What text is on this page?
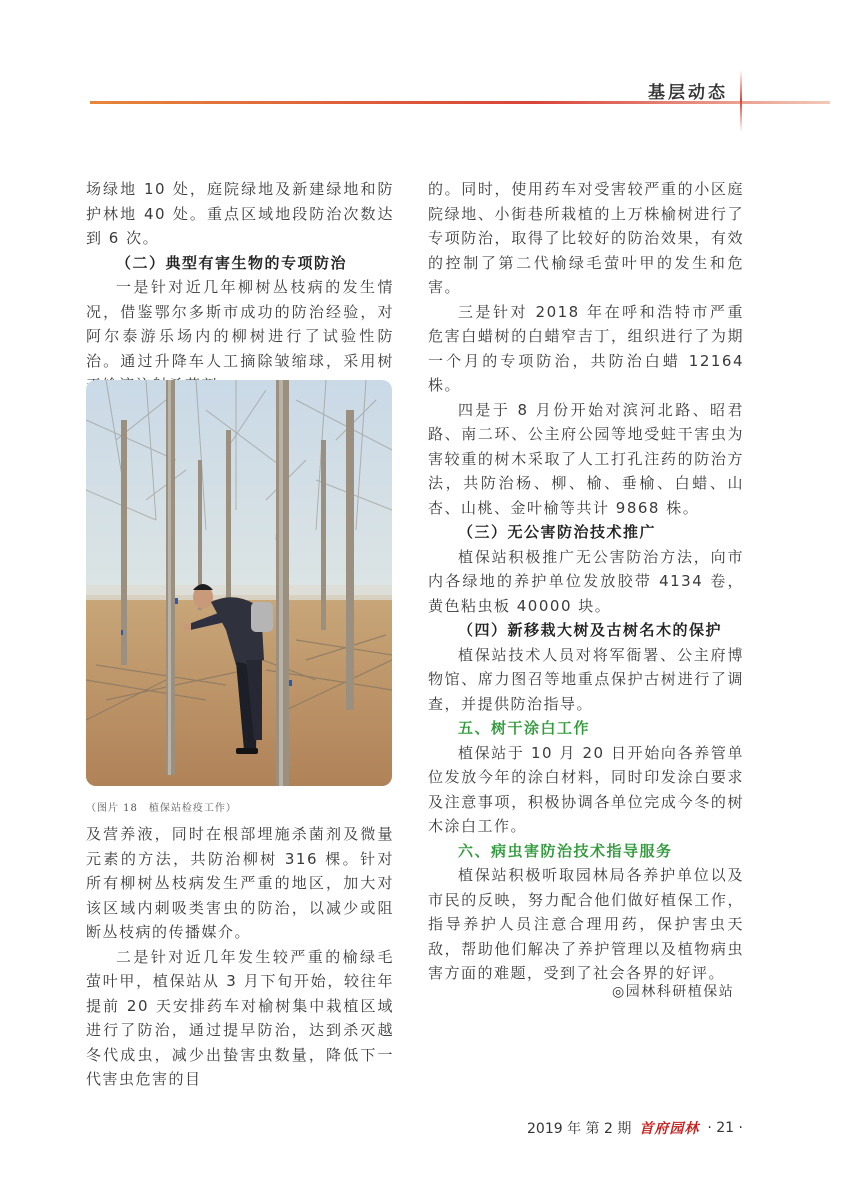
基层动态

场绿地 10 处，庭院绿地及新建绿地和防护林地 40 处。重点区域地段防治次数达到 6 次。

（二）典型有害生物的专项防治

一是针对近几年柳树丛枝病的发生情况，借鉴鄂尔多斯市成功的防治经验，对阿尔泰游乐场内的柳树进行了试验性防治。通过升降车人工摘除皱缩球，采用树

（图片 18　植保站检疫工作）

及营养液，同时在根部埋施杀菌剂及微量元素的方法，共防治柳树 316 棵。针对所有柳树丛枝病发生严重的地区，加大对该区域内刺吸类害虫的防治，以减少或阻断丛枝病的传播媒介。

二是针对近几年发生较严重的榆绿毛萤叶甲，植保站从 3 月下旬开始，较往年提前 20 天安排药车对榆树集中栽植区域进行了防治，通过提早防治，达到杀灭越冬代成虫，减少出蛰害虫数量，降低下一代害虫危害的目

的。同时，使用药车对受害较严重的小区庭院绿地、小街巷所栽植的上万株榆树进行了专项防治，取得了比较好的防治效果，有效的控制了第二代榆绿毛萤叶甲的发生和危害。

三是针对 2018 年在呼和浩特市严重危害白蜡树的白蜡窄吉丁，组织进行了为期一个月的专项防治，共防治白蜡 12164 株。

四是于 8 月份开始对滨河北路、昭君路、南二环、公主府公园等地受蛀干害虫为害较重的树木采取了人工打孔注药的防治方法，共防治杨、柳、榆、垂榆、白蜡、山杏、山桃、金叶榆等共计 9868 株。

（三）无公害防治技术推广

植保站积极推广无公害防治方法，向市内各绿地的养护单位发放胶带 4134 卷，黄色粘虫板 40000 块。

（四）新移栽大树及古树名木的保护

植保站技术人员对将军衙署、公主府博物馆、席力图召等地重点保护古树进行了调查，并提供防治指导。

五、树干涂白工作

植保站于 10 月 20 日开始向各养管单位发放今年的涂白材料，同时印发涂白要求及注意事项，积极协调各单位完成今冬的树木涂白工作。

六、病虫害防治技术指导服务

植保站积极听取园林局各养护单位以及市民的反映，努力配合他们做好植保工作，指导养护人员注意合理用药，保护害虫天敌，帮助他们解决了养护管理以及植物病虫害方面的难题，受到了社会各界的好评。

◎园林科研植保站
2019 年 第 2 期 首府园林 · 21 ·
